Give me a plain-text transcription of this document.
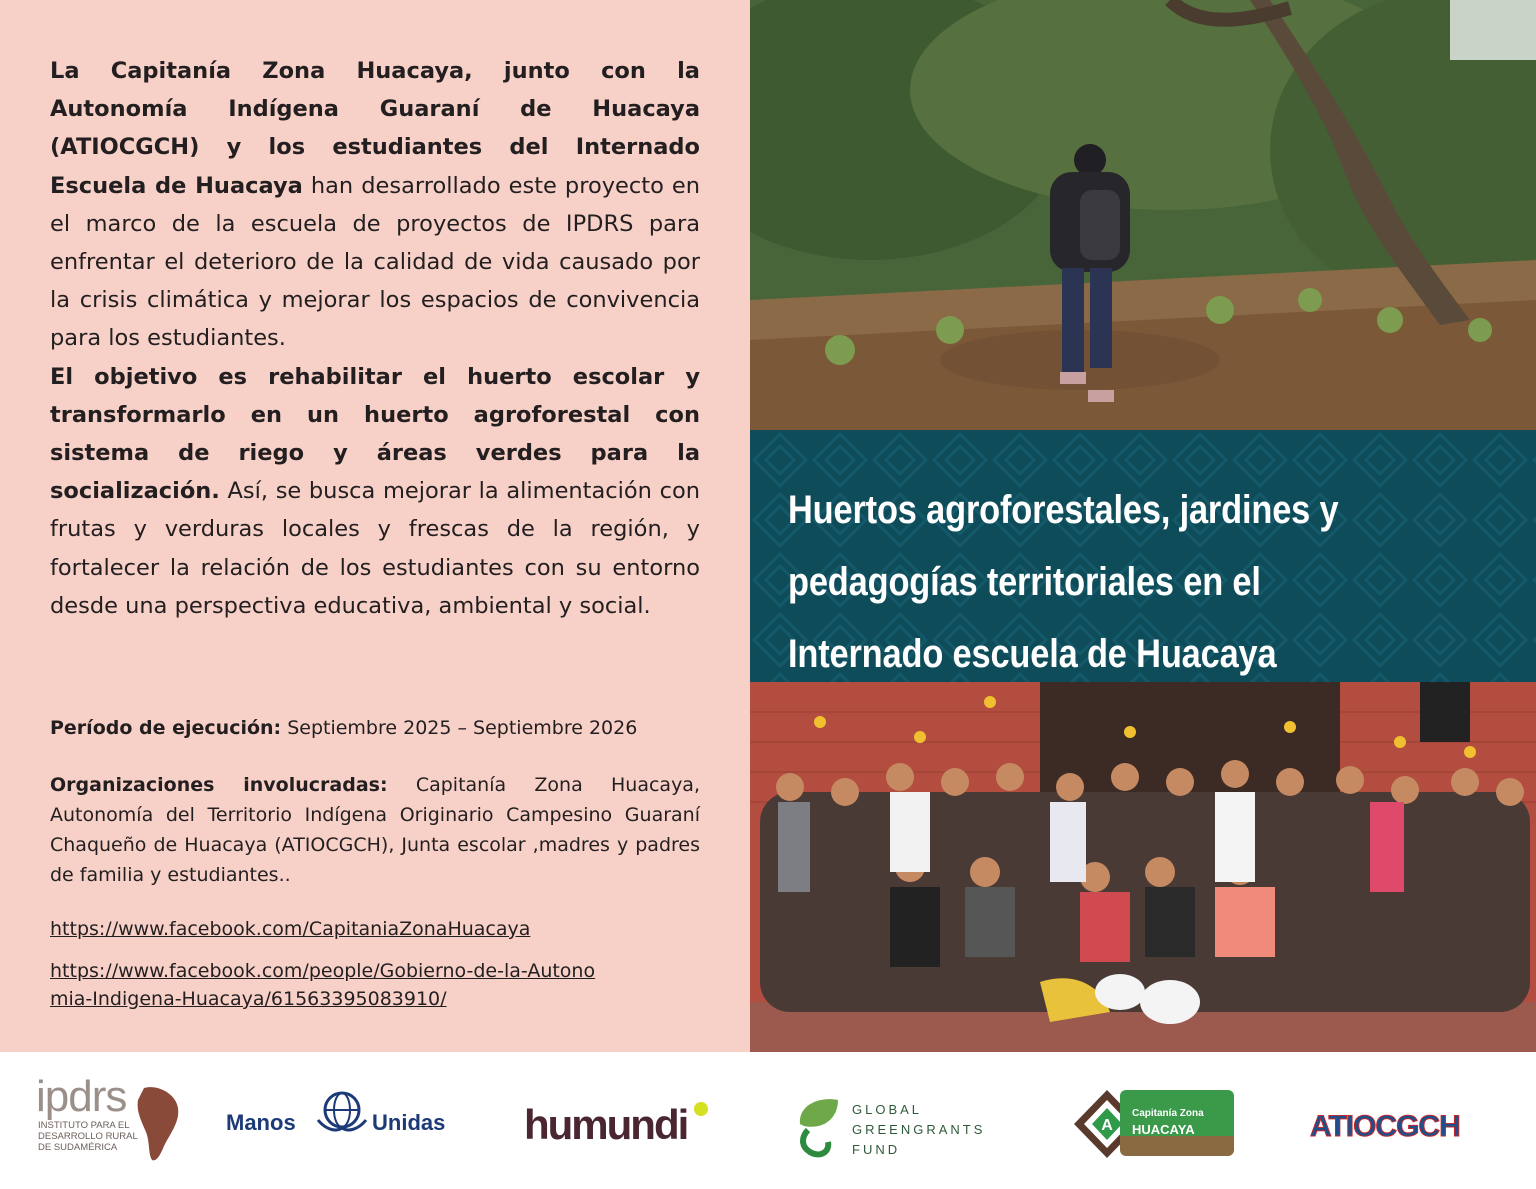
La Capitanía Zona Huacaya, junto con la Autonomía Indígena Guaraní de Huacaya (ATIOCGCH) y los estudiantes del Internado Escuela de Huacaya han desarrollado este proyecto en el marco de la escuela de proyectos de IPDRS para enfrentar el deterioro de la calidad de vida causado por la crisis climática y mejorar los espacios de convivencia para los estudiantes.
El objetivo es rehabilitar el huerto escolar y transformarlo en un huerto agroforestal con sistema de riego y áreas verdes para la socialización. Así, se busca mejorar la alimentación con frutas y verduras locales y frescas de la región, y fortalecer la relación de los estudiantes con su entorno desde una perspectiva educativa, ambiental y social.

Período de ejecución: Septiembre 2025 – Septiembre 2026

Organizaciones involucradas: Capitanía Zona Huacaya, Autonomía del Territorio Indígena Originario Campesino Guaraní Chaqueño de Huacaya (ATIOCGCH), Junta escolar ,madres y padres de familia y estudiantes..

https://www.facebook.com/CapitaniaZonaHuacaya
https://www.facebook.com/people/Gobierno-de-la-Autonomia-Indigena-Huacaya/61563395083910/
Huertos agroforestales, jardines y pedagogías territoriales en el Internado escuela de Huacaya
ipdrs
INSTITUTO PARA EL
DESARROLLO RURAL
DE SUDAMÉRICA
Manos	Unidas humundi	GLOBAL
GREENGRANTS
FUND
A
Capitanía Zona
HUACAYA	ATIOCGCH
